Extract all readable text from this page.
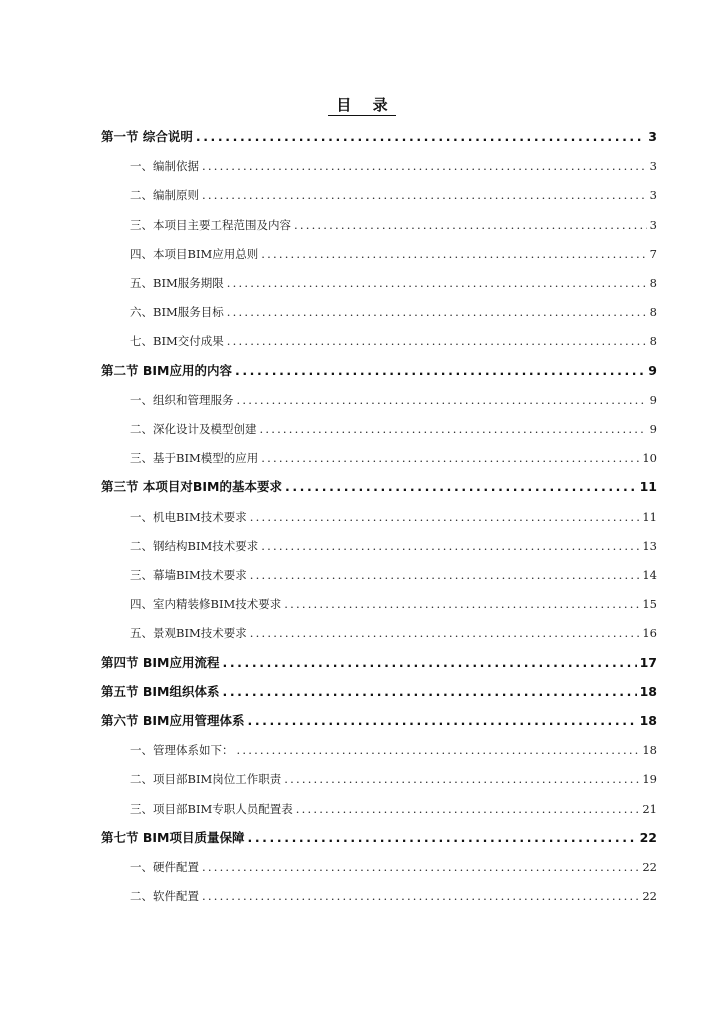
目 录
第一节 综合说明 .....	3
一、编制依据 .....	3
二、编制原则 .....	3
三、本项目主要工程范围及内容 .....	3
四、本项目BIM应用总则 .....	7
五、BIM服务期限 .....	8
六、BIM服务目标 .....	8
七、BIM交付成果 .....	8
第二节 BIM应用的内容 .....	9
一、组织和管理服务 .....	9
二、深化设计及模型创建 .....	9
三、基于BIM模型的应用 .....	10
第三节 本项目对BIM的基本要求 .....	11
一、机电BIM技术要求 .....	11
二、钢结构BIM技术要求 .....	13
三、幕墙BIM技术要求 .....	14
四、室内精装修BIM技术要求 .....	15
五、景观BIM技术要求 .....	16
第四节 BIM应用流程 .....	17
第五节 BIM组织体系 .....	18
第六节 BIM应用管理体系 .....	18
一、管理体系如下： .....	18
二、项目部BIM岗位工作职责 .....	19
三、项目部BIM专职人员配置表 .....	21
第七节 BIM项目质量保障 .....	22
一、硬件配置 .....	22
二、软件配置 .....	22
